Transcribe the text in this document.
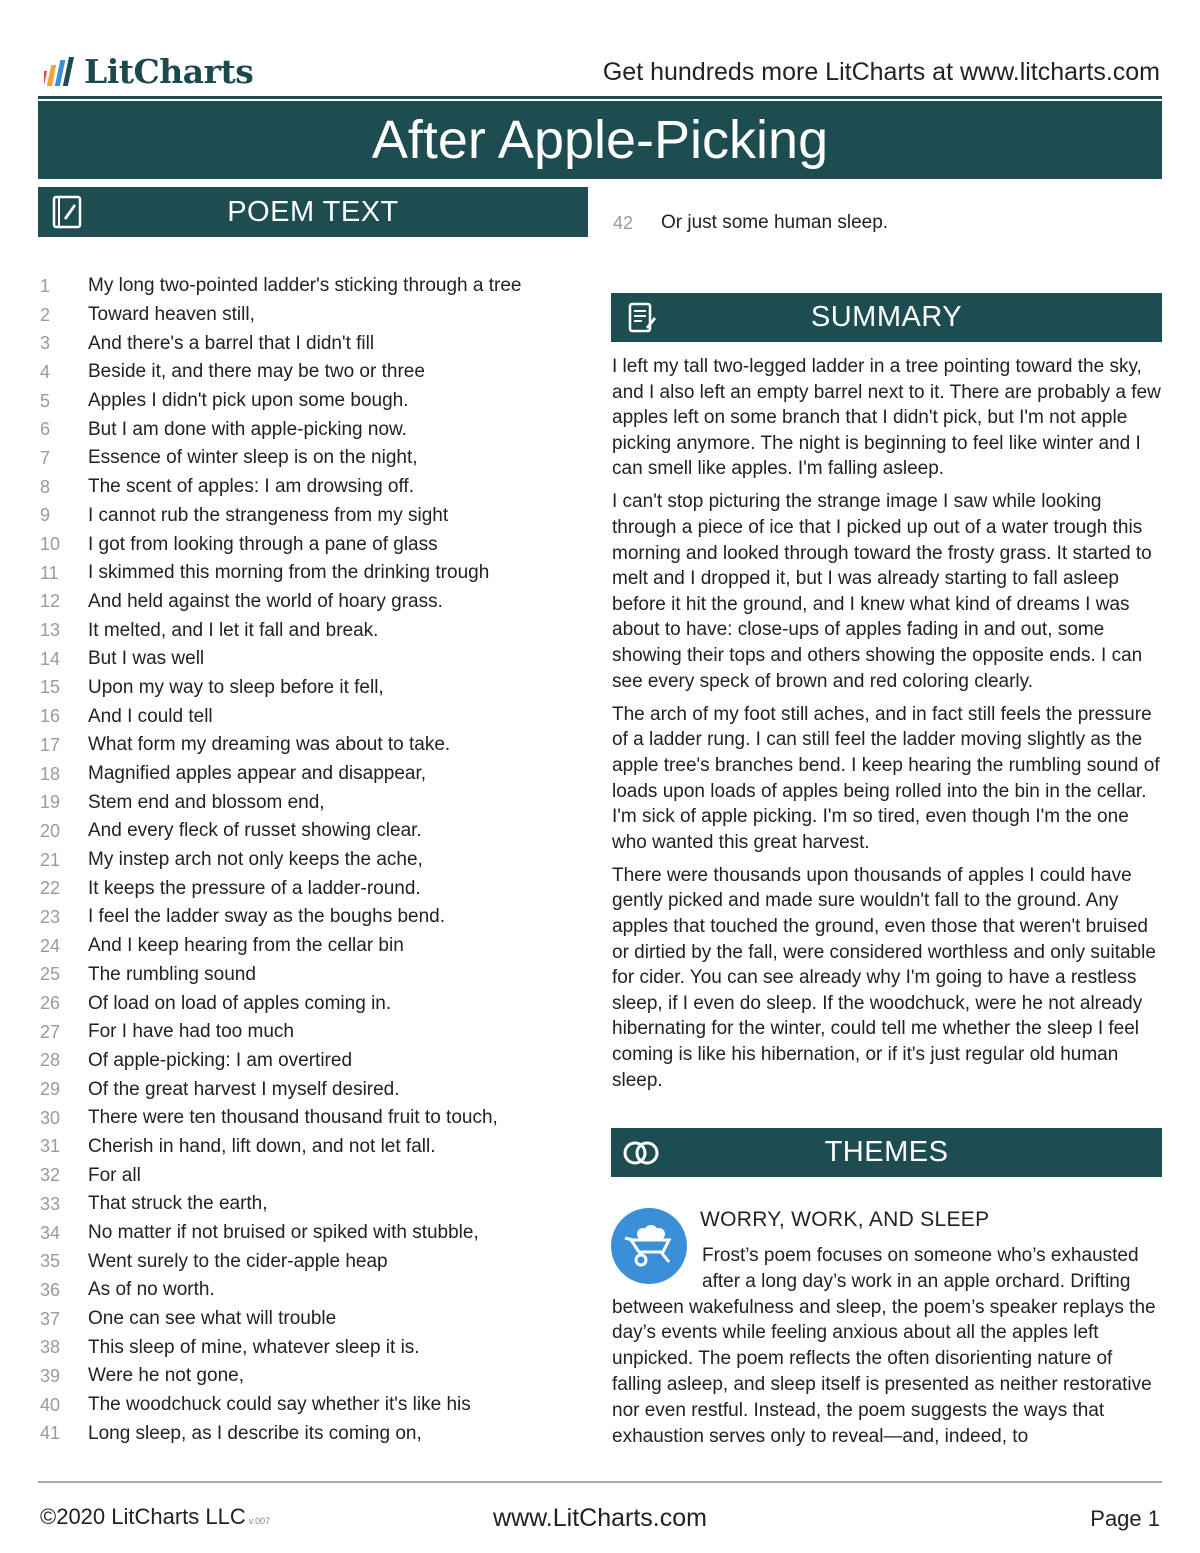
LitCharts	Get hundreds more LitCharts at www.litcharts.com
After Apple-Picking
POEM TEXT
1	My long two-pointed ladder's sticking through a tree
2	Toward heaven still,
3	And there's a barrel that I didn't fill
4	Beside it, and there may be two or three
5	Apples I didn't pick upon some bough.
6	But I am done with apple-picking now.
7	Essence of winter sleep is on the night,
8	The scent of apples: I am drowsing off.
9	I cannot rub the strangeness from my sight
10	I got from looking through a pane of glass
11	I skimmed this morning from the drinking trough
12	And held against the world of hoary grass.
13	It melted, and I let it fall and break.
14	But I was well
15	Upon my way to sleep before it fell,
16	And I could tell
17	What form my dreaming was about to take.
18	Magnified apples appear and disappear,
19	Stem end and blossom end,
20	And every fleck of russet showing clear.
21	My instep arch not only keeps the ache,
22	It keeps the pressure of a ladder-round.
23	I feel the ladder sway as the boughs bend.
24	And I keep hearing from the cellar bin
25	The rumbling sound
26	Of load on load of apples coming in.
27	For I have had too much
28	Of apple-picking: I am overtired
29	Of the great harvest I myself desired.
30	There were ten thousand thousand fruit to touch,
31	Cherish in hand, lift down, and not let fall.
32	For all
33	That struck the earth,
34	No matter if not bruised or spiked with stubble,
35	Went surely to the cider-apple heap
36	As of no worth.
37	One can see what will trouble
38	This sleep of mine, whatever sleep it is.
39	Were he not gone,
40	The woodchuck could say whether it's like his
41	Long sleep, as I describe its coming on,
42	Or just some human sleep.
SUMMARY

I left my tall two-legged ladder in a tree pointing toward the sky, and I also left an empty barrel next to it. There are probably a few apples left on some branch that I didn't pick, but I'm not apple picking anymore. The night is beginning to feel like winter and I can smell like apples. I'm falling asleep.

I can't stop picturing the strange image I saw while looking through a piece of ice that I picked up out of a water trough this morning and looked through toward the frosty grass. It started to melt and I dropped it, but I was already starting to fall asleep before it hit the ground, and I knew what kind of dreams I was about to have: close-ups of apples fading in and out, some showing their tops and others showing the opposite ends. I can see every speck of brown and red coloring clearly.

The arch of my foot still aches, and in fact still feels the pressure of a ladder rung. I can still feel the ladder moving slightly as the apple tree's branches bend. I keep hearing the rumbling sound of loads upon loads of apples being rolled into the bin in the cellar. I'm sick of apple picking. I'm so tired, even though I'm the one who wanted this great harvest.

There were thousands upon thousands of apples I could have gently picked and made sure wouldn't fall to the ground. Any apples that touched the ground, even those that weren't bruised or dirtied by the fall, were considered worthless and only suitable for cider. You can see already why I'm going to have a restless sleep, if I even do sleep. If the woodchuck, were he not already hibernating for the winter, could tell me whether the sleep I feel coming is like his hibernation, or if it's just regular old human sleep.

THEMES
WORRY, WORK, AND SLEEP
Frost’s poem focuses on someone who’s exhausted after a long day’s work in an apple orchard. Drifting between wakefulness and sleep, the poem’s speaker replays the day’s events while feeling anxious about all the apples left unpicked. The poem reflects the often disorienting nature of falling asleep, and sleep itself is presented as neither restorative nor even restful. Instead, the poem suggests the ways that exhaustion serves only to reveal—and, indeed, to
©2020 LitCharts LLC v.007	www.LitCharts.com	Page 1
